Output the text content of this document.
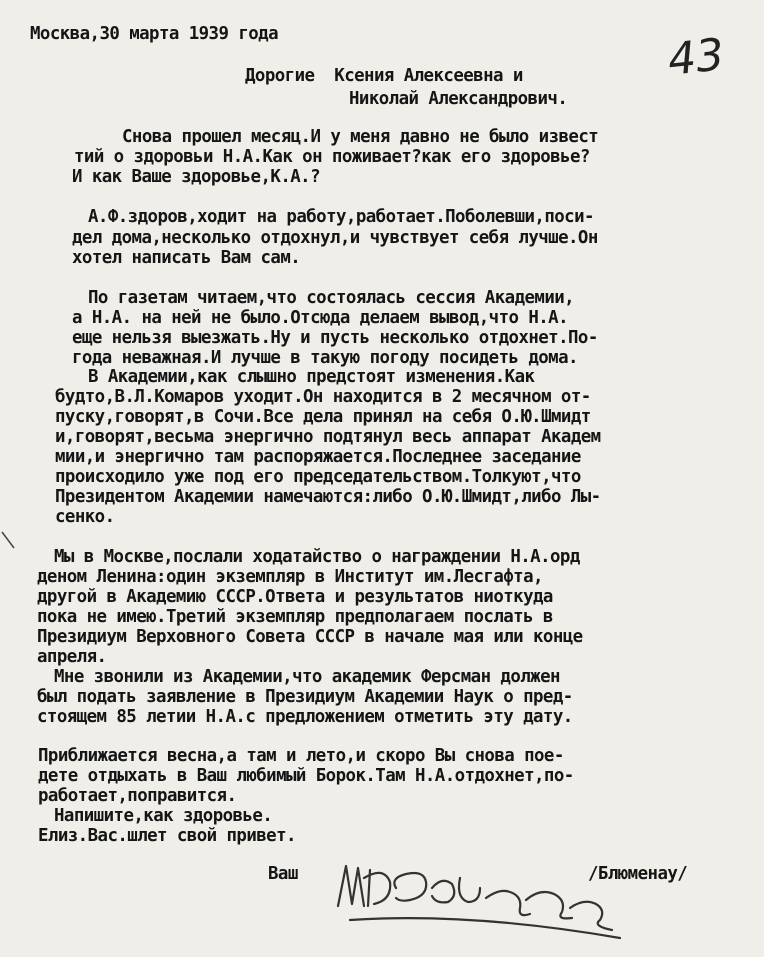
Москва,30 марта 1939 года	43
Дорогие  Ксения Алексеевна и
Николай Александрович.
Снова прошел месяц.И у меня давно не было извест
тий о здоровьи Н.А.Как он поживает?как его здоровье?
И как Ваше здоровье,К.А.?
А.Ф.здоров,ходит на работу,работает.Поболевши,поси-
дел дома,несколько отдохнул,и чувствует себя лучше.Он
хотел написать Вам сам.
По газетам читаем,что состоялась сессия Академии,
а Н.А. на ней не было.Отсюда делаем вывод,что Н.А.
еще нельзя выезжать.Ну и пусть несколько отдохнет.По-
года неважная.И лучше в такую погоду посидеть дома.
В Академии,как слышно предстоят изменения.Как
будто,В.Л.Комаров уходит.Он находится в 2 месячном от-
пуску,говорят,в Сочи.Все дела принял на себя О.Ю.Шмидт
и,говорят,весьма энергично подтянул весь аппарат Академ
мии,и энергично там распоряжается.Последнее заседание
происходило уже под его председательством.Толкуют,что
Президентом Академии намечаются:либо О.Ю.Шмидт,либо Лы-
сенко.
Мы в Москве,послали ходатайство о награждении Н.А.орд
деном Ленина:один экземпляр в Институт им.Лесгафта,
другой в Академию СССР.Ответа и результатов ниоткуда
пока не имею.Третий экземпляр предполагаем послать в
Президиум Верховного Совета СССР в начале мая или конце
апреля.
Мне звонили из Академии,что академик Ферсман должен
был подать заявление в Президиум Академии Наук о пред-
стоящем 85 летии Н.А.с предложением отметить эту дату.
Приближается весна,а там и лето,и скоро Вы снова пое-
дете отдыхать в Ваш любимый Борок.Там Н.А.отдохнет,по-
работает,поправится.
Напишите,как здоровье.
Елиз.Вас.шлет свой привет.
Ваш	/Блюменау/
